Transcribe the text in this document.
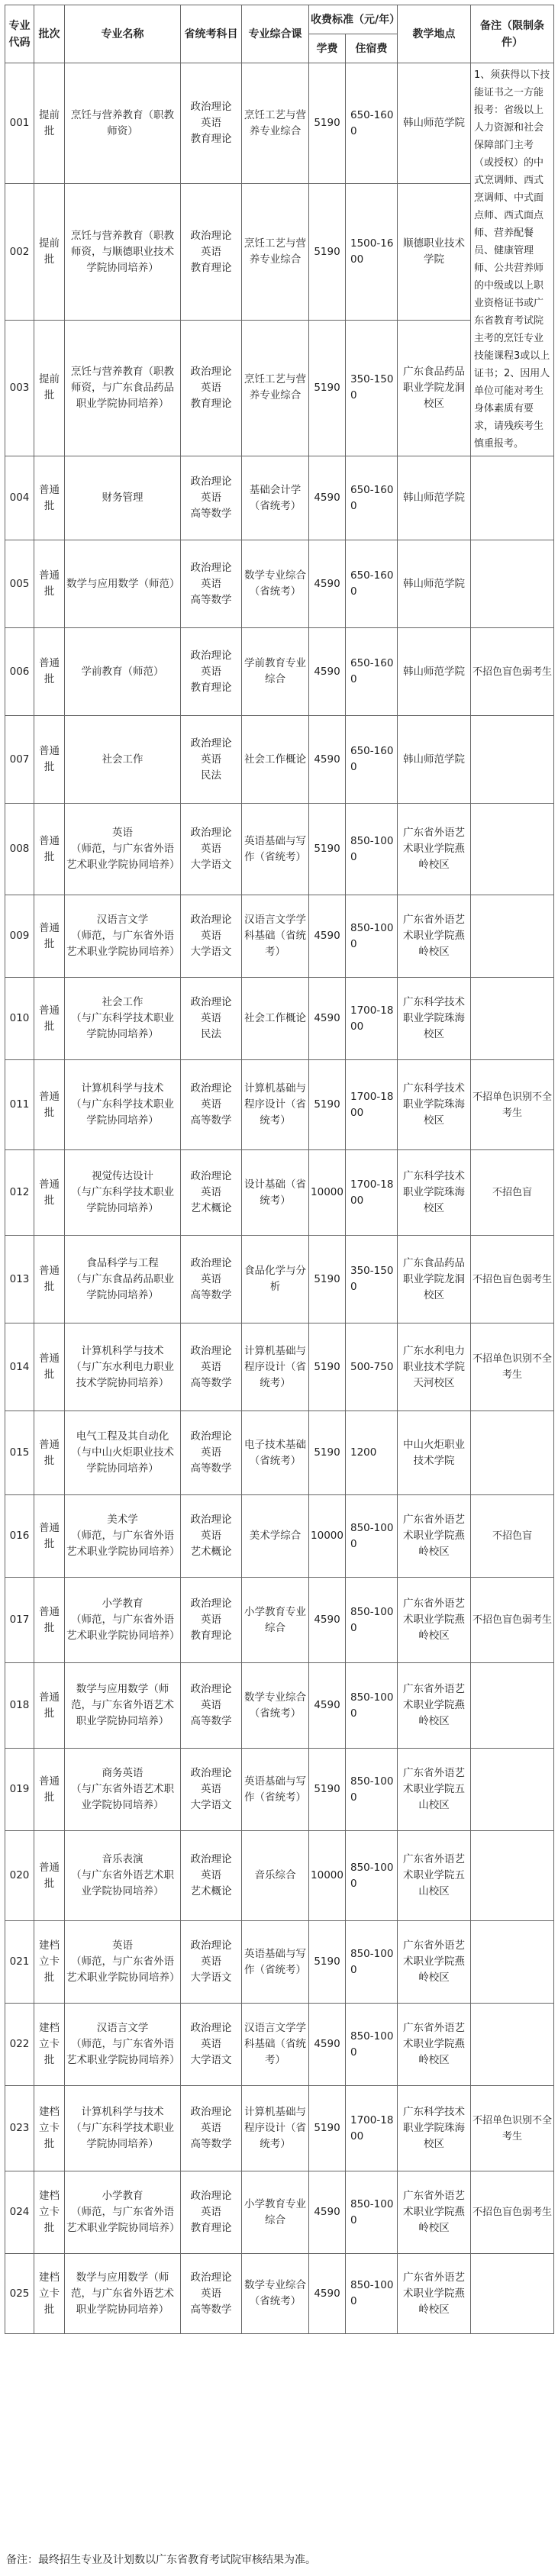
专业代码	批次	专业名称	省统考科目	专业综合课	收费标准（元/年）		教学地点	备注（限制条件）
					学费	住宿费		
001	提前批	烹饪与营养教育（职教师资）	政治理论
英语
教育理论	烹饪工艺与营养专业综合	5190	650-1600	韩山师范学院	1、须获得以下技能证书之一方能报考：省级以上人力资源和社会保障部门主考（或授权）的中式烹调师、西式烹调师、中式面点师、西式面点师、营养配餐员、健康管理师、公共营养师的中级或以上职业资格证书或广东省教育考试院主考的烹饪专业技能课程3或以上证书；2、因用人单位可能对考生身体素质有要求，请残疾考生慎重报考。
002	提前批	烹饪与营养教育（职教师资，与顺德职业技术学院协同培养）	政治理论
英语
教育理论	烹饪工艺与营养专业综合	5190	1500-1600	顺德职业技术学院	
003	提前批	烹饪与营养教育（职教师资，与广东食品药品职业学院协同培养）	政治理论
英语
教育理论	烹饪工艺与营养专业综合	5190	350-1500	广东食品药品职业学院龙洞校区	
004	普通批	财务管理	政治理论
英语
高等数学	基础会计学（省统考）	4590	650-1600	韩山师范学院	
005	普通批	数学与应用数学（师范）	政治理论
英语
高等数学	数学专业综合（省统考）	4590	650-1600	韩山师范学院	
006	普通批	学前教育（师范）	政治理论
英语
教育理论	学前教育专业综合	4590	650-1600	韩山师范学院	不招色盲色弱考生
007	普通批	社会工作	政治理论
英语
民法	社会工作概论	4590	650-1600	韩山师范学院	
008	普通批	英语
（师范，与广东省外语艺术职业学院协同培养）	政治理论
英语
大学语文	英语基础与写作（省统考）	5190	850-1000	广东省外语艺术职业学院燕岭校区	
009	普通批	汉语言文学
（师范，与广东省外语艺术职业学院协同培养）	政治理论
英语
大学语文	汉语言文学学科基础（省统考）	4590	850-1000	广东省外语艺术职业学院燕岭校区	
010	普通批	社会工作
（与广东科学技术职业学院协同培养）	政治理论
英语
民法	社会工作概论	4590	1700-1800	广东科学技术职业学院珠海校区	
011	普通批	计算机科学与技术
（与广东科学技术职业学院协同培养）	政治理论
英语
高等数学	计算机基础与程序设计（省统考）	5190	1700-1800	广东科学技术职业学院珠海校区	不招单色识别不全考生
012	普通批	视觉传达设计
（与广东科学技术职业学院协同培养）	政治理论
英语
艺术概论	设计基础（省统考）	10000	1700-1800	广东科学技术职业学院珠海校区	不招色盲
013	普通批	食品科学与工程
（与广东食品药品职业学院协同培养）	政治理论
英语
高等数学	食品化学与分析	5190	350-1500	广东食品药品职业学院龙洞校区	不招色盲色弱考生
014	普通批	计算机科学与技术
（与广东水利电力职业技术学院协同培养）	政治理论
英语
高等数学	计算机基础与程序设计（省统考）	5190	500-750	广东水利电力职业技术学院天河校区	不招单色识别不全考生
015	普通批	电气工程及其自动化
（与中山火炬职业技术学院协同培养）	政治理论
英语
高等数学	电子技术基础（省统考）	5190	1200	中山火炬职业技术学院	
016	普通批	美术学
（师范，与广东省外语艺术职业学院协同培养）	政治理论
英语
艺术概论	美术学综合	10000	850-1000	广东省外语艺术职业学院燕岭校区	不招色盲
017	普通批	小学教育
（师范，与广东省外语艺术职业学院协同培养）	政治理论
英语
教育理论	小学教育专业综合	4590	850-1000	广东省外语艺术职业学院燕岭校区	不招色盲色弱考生
018	普通批	数学与应用数学（师范，与广东省外语艺术职业学院协同培养）	政治理论
英语
高等数学	数学专业综合（省统考）	4590	850-1000	广东省外语艺术职业学院燕岭校区	
019	普通批	商务英语
（与广东省外语艺术职业学院协同培养）	政治理论
英语
大学语文	英语基础与写作（省统考）	5190	850-1000	广东省外语艺术职业学院五山校区	
020	普通批	音乐表演
（与广东省外语艺术职业学院协同培养）	政治理论
英语
艺术概论	音乐综合	10000	850-1000	广东省外语艺术职业学院五山校区	
021	建档立卡批	英语
（师范，与广东省外语艺术职业学院协同培养）	政治理论
英语
大学语文	英语基础与写作（省统考）	5190	850-1000	广东省外语艺术职业学院燕岭校区	
022	建档立卡批	汉语言文学
（师范，与广东省外语艺术职业学院协同培养）	政治理论
英语
大学语文	汉语言文学学科基础（省统考）	4590	850-1000	广东省外语艺术职业学院燕岭校区	
023	建档立卡批	计算机科学与技术
（与广东科学技术职业学院协同培养）	政治理论
英语
高等数学	计算机基础与程序设计（省统考）	5190	1700-1800	广东科学技术职业学院珠海校区	不招单色识别不全考生
024	建档立卡批	小学教育
（师范，与广东省外语艺术职业学院协同培养）	政治理论
英语
教育理论	小学教育专业综合	4590	850-1000	广东省外语艺术职业学院燕岭校区	不招色盲色弱考生
025	建档立卡批	数学与应用数学（师范，与广东省外语艺术职业学院协同培养）	政治理论
英语
高等数学	数学专业综合（省统考）	4590	850-1000	广东省外语艺术职业学院燕岭校区	
备注：最终招生专业及计划数以广东省教育考试院审核结果为准。
